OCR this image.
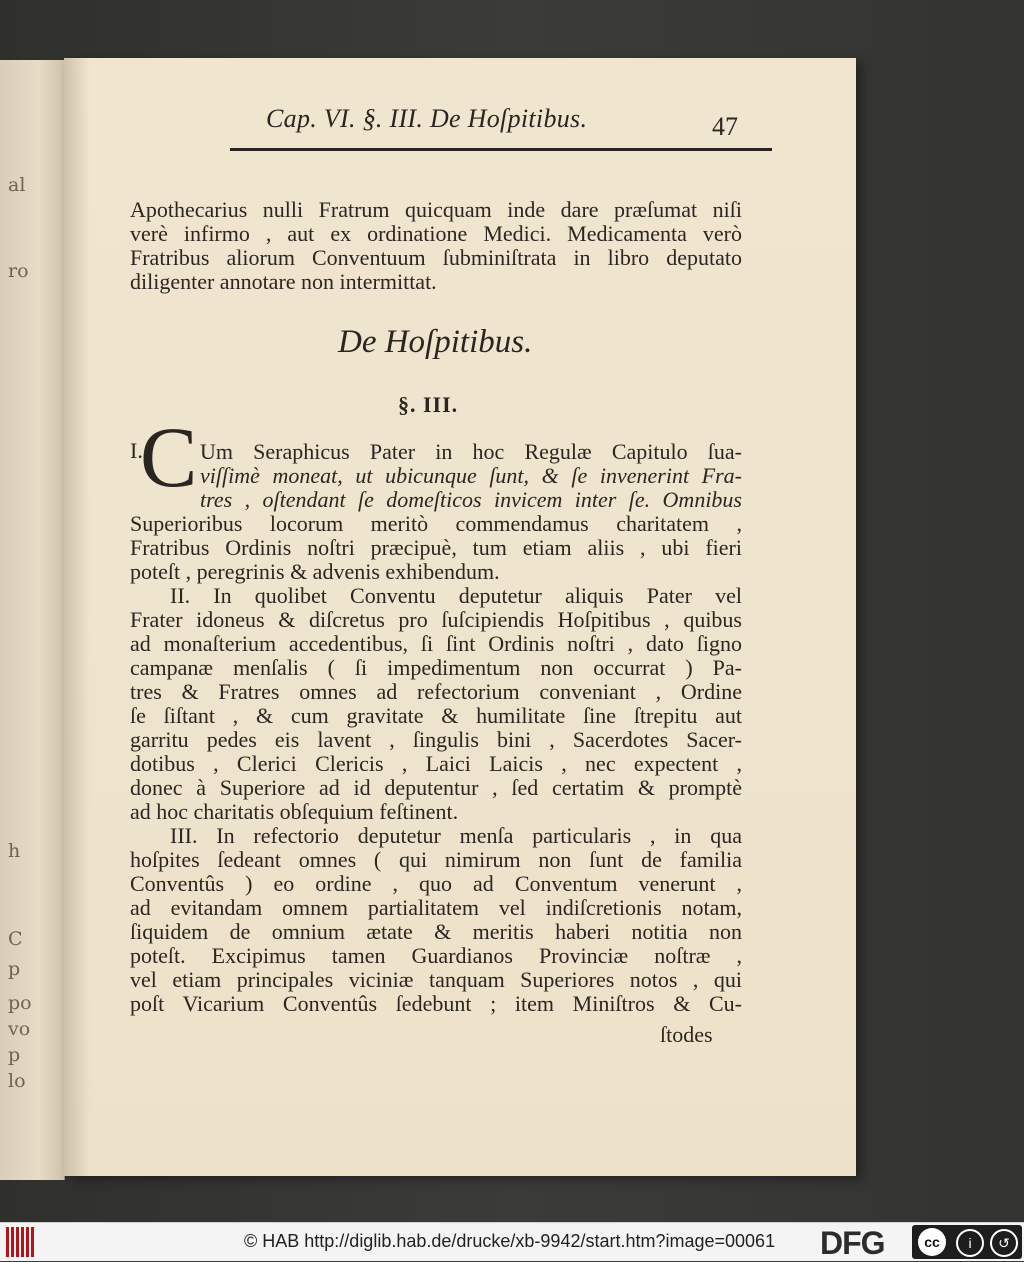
al
ro
h
C
p
po
vo
p
lo
Cap. VI. §. III. De Hoſpitibus.	47
Apothecarius nulli Fratrum quicquam inde dare præſumat niſi
verè infirmo , aut ex ordinatione Medici. Medicamenta verò
Fratribus aliorum Conventuum ſubminiſtrata in libro deputato
diligenter annotare non intermittat.
De Hoſpitibus.
§. III.
I.
C Um Seraphicus Pater in hoc Regulæ Capitulo ſua-
viſſimè moneat, ut ubicunque ſunt, & ſe invenerint Fra-
tres , oſtendant ſe domeſticos invicem inter ſe. Omnibus
Superioribus locorum meritò commendamus charitatem ,
Fratribus Ordinis noſtri præcipuè, tum etiam aliis , ubi fieri
poteſt , peregrinis & advenis exhibendum.
II. In quolibet Conventu deputetur aliquis Pater vel
Frater idoneus & diſcretus pro ſuſcipiendis Hoſpitibus , quibus
ad monaſterium accedentibus, ſi ſint Ordinis noſtri , dato ſigno
campanæ menſalis ( ſi impedimentum non occurrat ) Pa-
tres & Fratres omnes ad refectorium conveniant , Ordine
ſe ſiſtant , & cum gravitate & humilitate ſine ſtrepitu aut
garritu pedes eis lavent , ſingulis bini , Sacerdotes Sacer-
dotibus , Clerici Clericis , Laici Laicis , nec expectent ,
donec à Superiore ad id deputentur , ſed certatim & promptè
ad hoc charitatis obſequium feſtinent.
III. In refectorio deputetur menſa particularis , in qua
hoſpites ſedeant omnes ( qui nimirum non ſunt de familia
Conventûs ) eo ordine , quo ad Conventum venerunt ,
ad evitandam omnem partialitatem vel indiſcretionis notam,
ſiquidem de omnium ætate & meritis haberi notitia non
poteſt. Excipimus tamen Guardianos Provinciæ noſtræ ,
vel etiam principales viciniæ tanquam Superiores notos , qui
poſt Vicarium Conventûs ſedebunt ; item Miniſtros & Cu-
ſtodes
© HAB http://diglib.hab.de/drucke/xb-9942/start.htm?image=00061 DFG	cc	i	↺
